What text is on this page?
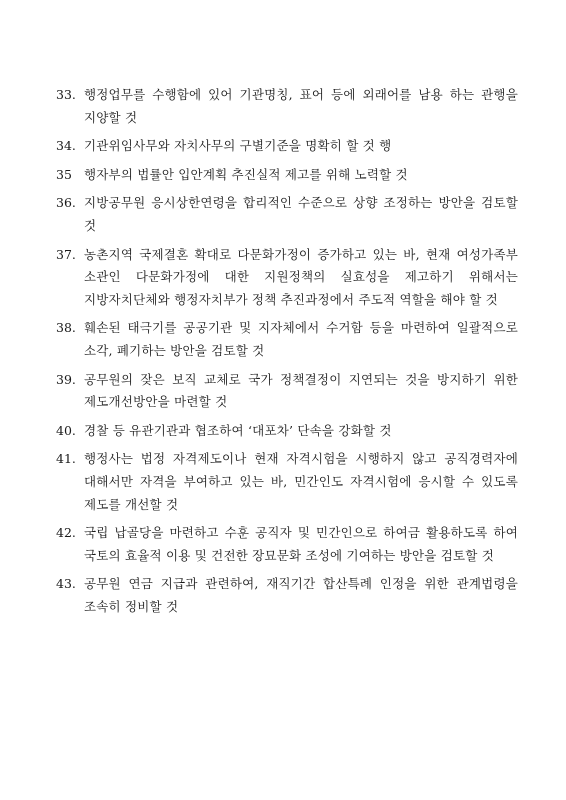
33. 행정업무를 수행함에 있어 기관명칭, 표어 등에 외래어를 남용 하는 관행을 지양할 것
34. 기관위임사무와 자치사무의 구별기준을 명확히 할 것 행
35 행자부의 법률안 입안계획 추진실적 제고를 위해 노력할 것
36. 지방공무원 응시상한연령을 합리적인 수준으로 상향 조정하는 방안을 검토할 것
37. 농촌지역 국제결혼 확대로 다문화가정이 증가하고 있는 바, 현재 여성가족부 소관인 다문화가정에 대한 지원정책의 실효성을 제고하기 위해서는 지방자치단체와 행정자치부가 정책 추진과정에서 주도적 역할을 해야 할 것
38. 훼손된 태극기를 공공기관 및 지자체에서 수거함 등을 마련하여 일괄적으로 소각, 폐기하는 방안을 검토할 것
39. 공무원의 잦은 보직 교체로 국가 정책결정이 지연되는 것을 방지하기 위한 제도개선방안을 마련할 것
40. 경찰 등 유관기관과 협조하여 ‘대포차’ 단속을 강화할 것
41. 행정사는 법정 자격제도이나 현재 자격시험을 시행하지 않고 공직경력자에 대해서만 자격을 부여하고 있는 바, 민간인도 자격시험에 응시할 수 있도록 제도를 개선할 것
42. 국립 납골당을 마련하고 수훈 공직자 및 민간인으로 하여금 활용하도록 하여 국토의 효율적 이용 및 건전한 장묘문화 조성에 기여하는 방안을 검토할 것
43. 공무원 연금 지급과 관련하여, 재직기간 합산특례 인정을 위한 관계법령을 조속히 정비할 것
